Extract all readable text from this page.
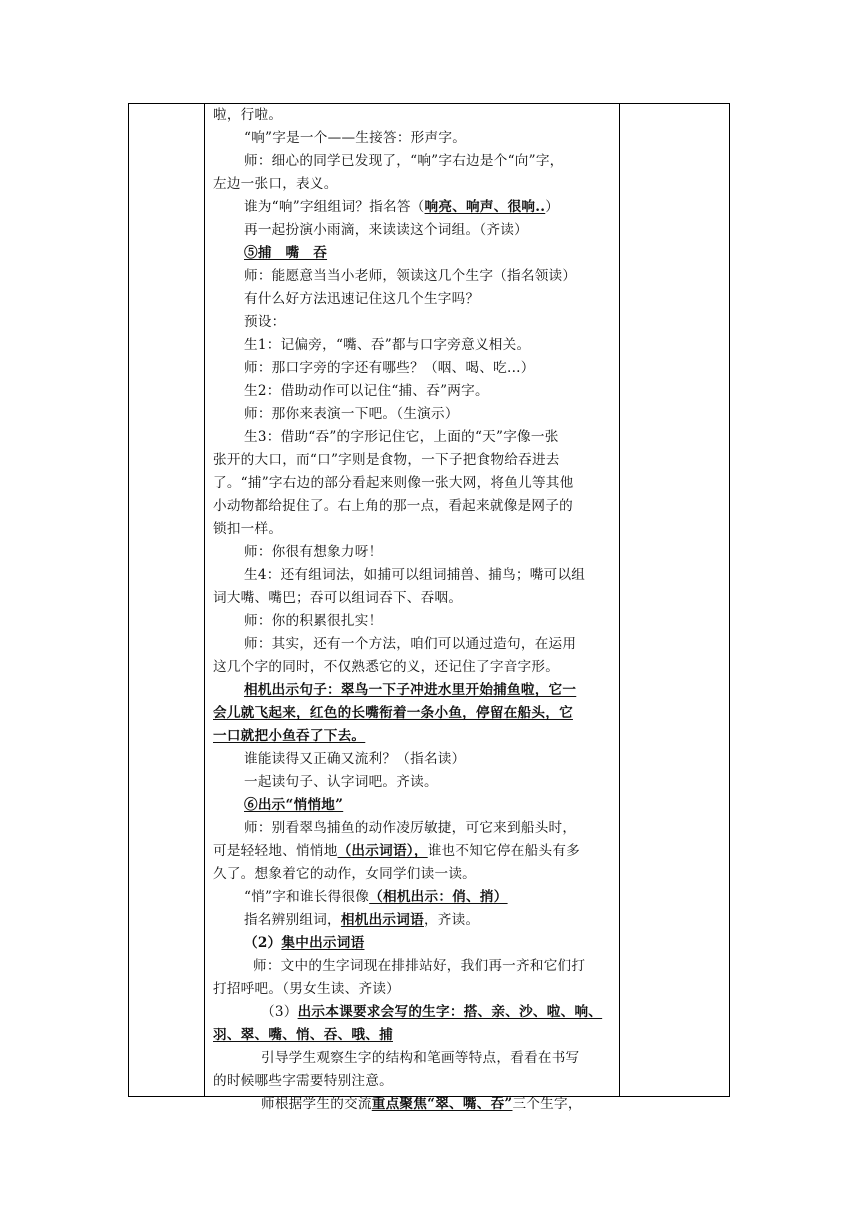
啦，行啦。
“响”字是一个——生接答：形声字。
师：细心的同学已发现了，“响”字右边是个“向”字，
左边一张口，表义。
谁为“响”字组组词？指名答（响亮、响声、很响..）
再一起扮演小雨滴，来读读这个词组。（齐读）
⑤捕　嘴　吞
师：能愿意当当小老师，领读这几个生字（指名领读）
有什么好方法迅速记住这几个生字吗？
预设：
生1：记偏旁，“嘴、吞”都与口字旁意义相关。
师：那口字旁的字还有哪些？（咽、喝、吃...）
生2：借助动作可以记住“捕、吞”两字。
师：那你来表演一下吧。（生演示）
生3：借助“吞”的字形记住它，上面的“天”字像一张
张开的大口，而“口”字则是食物，一下子把食物给吞进去
了。“捕”字右边的部分看起来则像一张大网，将鱼儿等其他
小动物都给捉住了。右上角的那一点，看起来就像是网子的
锁扣一样。
师：你很有想象力呀！
生4：还有组词法，如捕可以组词捕兽、捕鸟；嘴可以组
词大嘴、嘴巴；吞可以组词吞下、吞咽。
师：你的积累很扎实！
师：其实，还有一个方法，咱们可以通过造句，在运用
这几个字的同时，不仅熟悉它的义，还记住了字音字形。
相机出示句子：翠鸟一下子冲进水里开始捕鱼啦，它一
会儿就飞起来，红色的长嘴衔着一条小鱼，停留在船头，它
一口就把小鱼吞了下去。
谁能读得又正确又流利？（指名读）
一起读句子、认字词吧。齐读。
⑥出示“悄悄地”
师：别看翠鸟捕鱼的动作凌厉敏捷，可它来到船头时，
可是轻轻地、悄悄地（出示词语），谁也不知它停在船头有多
久了。想象着它的动作，女同学们读一读。
“悄”字和谁长得很像（相机出示：俏、捎）
指名辨别组词，相机出示词语，齐读。
（2）集中出示词语
师：文中的生字词现在排排站好，我们再一齐和它们打
打招呼吧。（男女生读、齐读）
（3）出示本课要求会写的生字：搭、亲、沙、啦、响、
羽、翠、嘴、悄、吞、哦、捕
引导学生观察生字的结构和笔画等特点，看看在书写
的时候哪些字需要特别注意。
师根据学生的交流重点聚焦“翠、嘴、吞”三个生字，
